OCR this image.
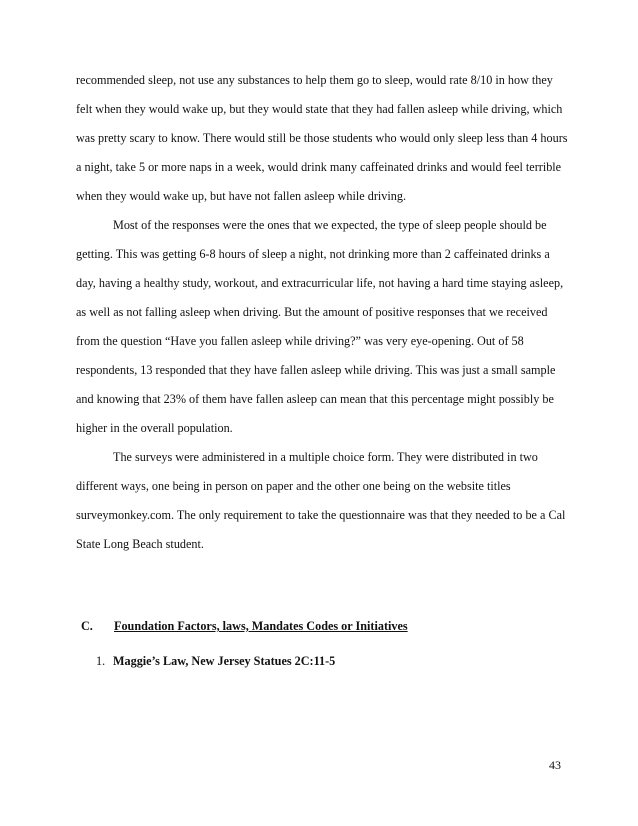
recommended sleep, not use any substances to help them go to sleep, would rate 8/10 in how they felt when they would wake up, but they would state that they had fallen asleep while driving, which was pretty scary to know. There would still be those students who would only sleep less than 4 hours a night, take 5 or more naps in a week, would drink many caffeinated drinks and would feel terrible when they would wake up, but have not fallen asleep while driving.

Most of the responses were the ones that we expected, the type of sleep people should be getting. This was getting 6-8 hours of sleep a night, not drinking more than 2 caffeinated drinks a day, having a healthy study, workout, and extracurricular life, not having a hard time staying asleep, as well as not falling asleep when driving. But the amount of positive responses that we received from the question “Have you fallen asleep while driving?” was very eye-opening. Out of 58 respondents, 13 responded that they have fallen asleep while driving. This was just a small sample and knowing that 23% of them have fallen asleep can mean that this percentage might possibly be higher in the overall population.

The surveys were administered in a multiple choice form. They were distributed in two different ways, one being in person on paper and the other one being on the website titles surveymonkey.com. The only requirement to take the questionnaire was that they needed to be a Cal State Long Beach student.

C. Foundation Factors, laws, Mandates Codes or Initiatives
1. Maggie’s Law, New Jersey Statues 2C:11-5
43
